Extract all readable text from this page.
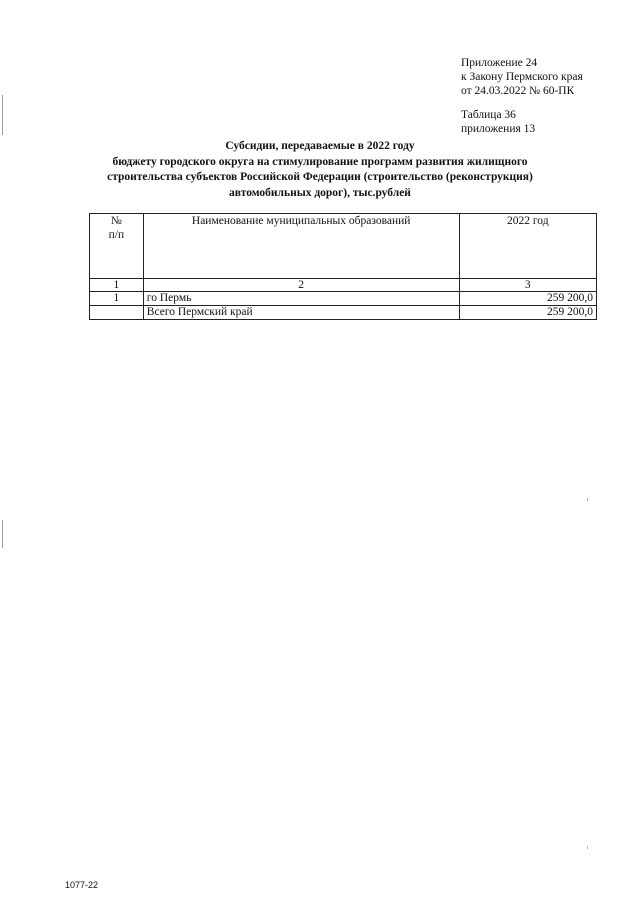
Приложение 24
к Закону Пермского края
от 24.03.2022 № 60-ПК
Таблица 36
приложения 13
Субсидии, передаваемые в 2022 году
бюджету городского округа на стимулирование программ развития жилищного
строительства субъектов Российской Федерации (строительство (реконструкция)
автомобильных дорог), тыс.рублей
№
п/п	Наименование муниципальных образований	2022 год
1	2	3
1	го Пермь	259 200,0
	Всего Пермский край	259 200,0
1077-22
